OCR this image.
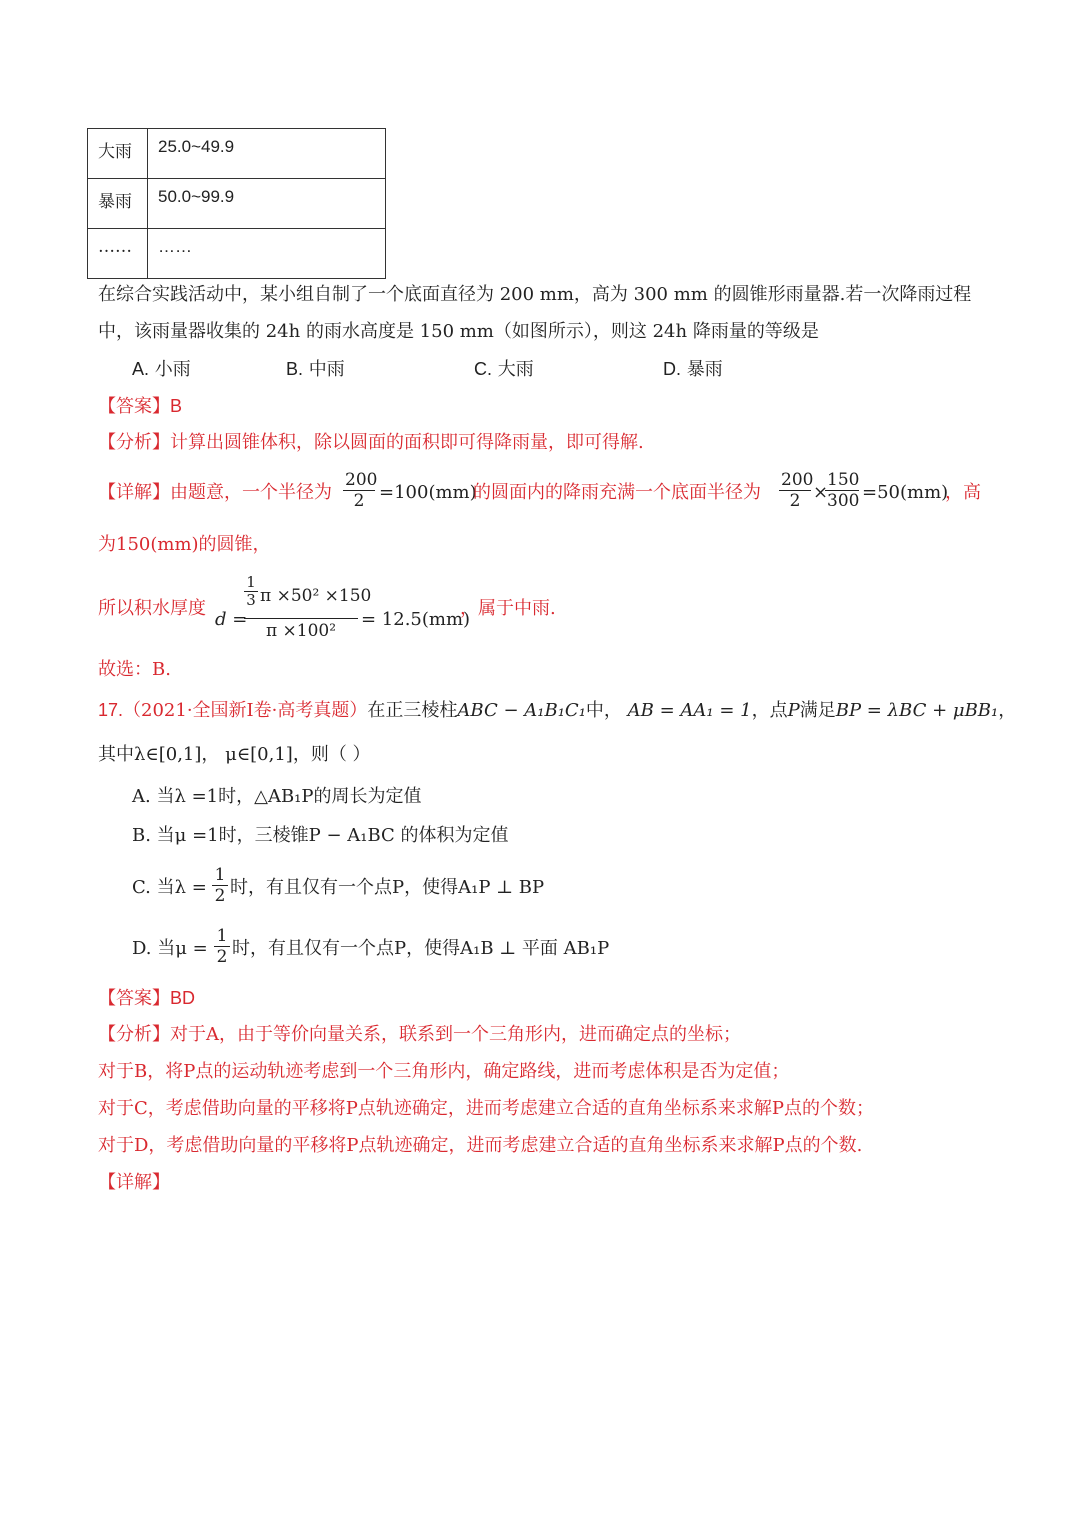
大雨	25.0~49.9
暴雨	50.0~99.9
……	……
在综合实践活动中，某小组自制了一个底面直径为 200 mm，高为 300 mm 的圆锥形雨量器.若一次降雨过程
中，该雨量器收集的 24h 的雨水高度是 150 mm（如图所示），则这 24h 降雨量的等级是
A. 小雨	B. 中雨	C. 大雨	D. 暴雨
【答案】B
【分析】计算出圆锥体积，除以圆面的面积即可得降雨量，即可得解.
【详解】由题意，一个半径为
200
2 =100(mm)
的圆面内的降雨充满一个底面半径为
200
2 ×
150
300 =50(mm)
，高
为150(mm)的圆锥，
所以积水厚度
d =
1
3 π ×50² ×150
π ×100²
= 12.5(mm)
，属于中雨.
故选：B.
17.（2021·全国新Ⅰ卷·高考真题）在正三棱柱ABC − A₁B₁C₁中， AB = AA₁ = 1，点P满足BP = λBC + μBB₁，
其中λ∈[0,1]， μ∈[0,1]，则（ ）
A. 当λ =1时，△AB₁P的周长为定值
B. 当μ =1时，三棱锥P − A₁BC 的体积为定值
C. 当λ =
1
2 时，有且仅有一个点P，使得A₁P ⊥ BP
D. 当μ =
1
2 时，有且仅有一个点P，使得A₁B ⊥ 平面 AB₁P
【答案】BD
【分析】对于A，由于等价向量关系，联系到一个三角形内，进而确定点的坐标；
对于B，将P点的运动轨迹考虑到一个三角形内，确定路线，进而考虑体积是否为定值；
对于C，考虑借助向量的平移将P点轨迹确定，进而考虑建立合适的直角坐标系来求解P点的个数；
对于D，考虑借助向量的平移将P点轨迹确定，进而考虑建立合适的直角坐标系来求解P点的个数.
【详解】
